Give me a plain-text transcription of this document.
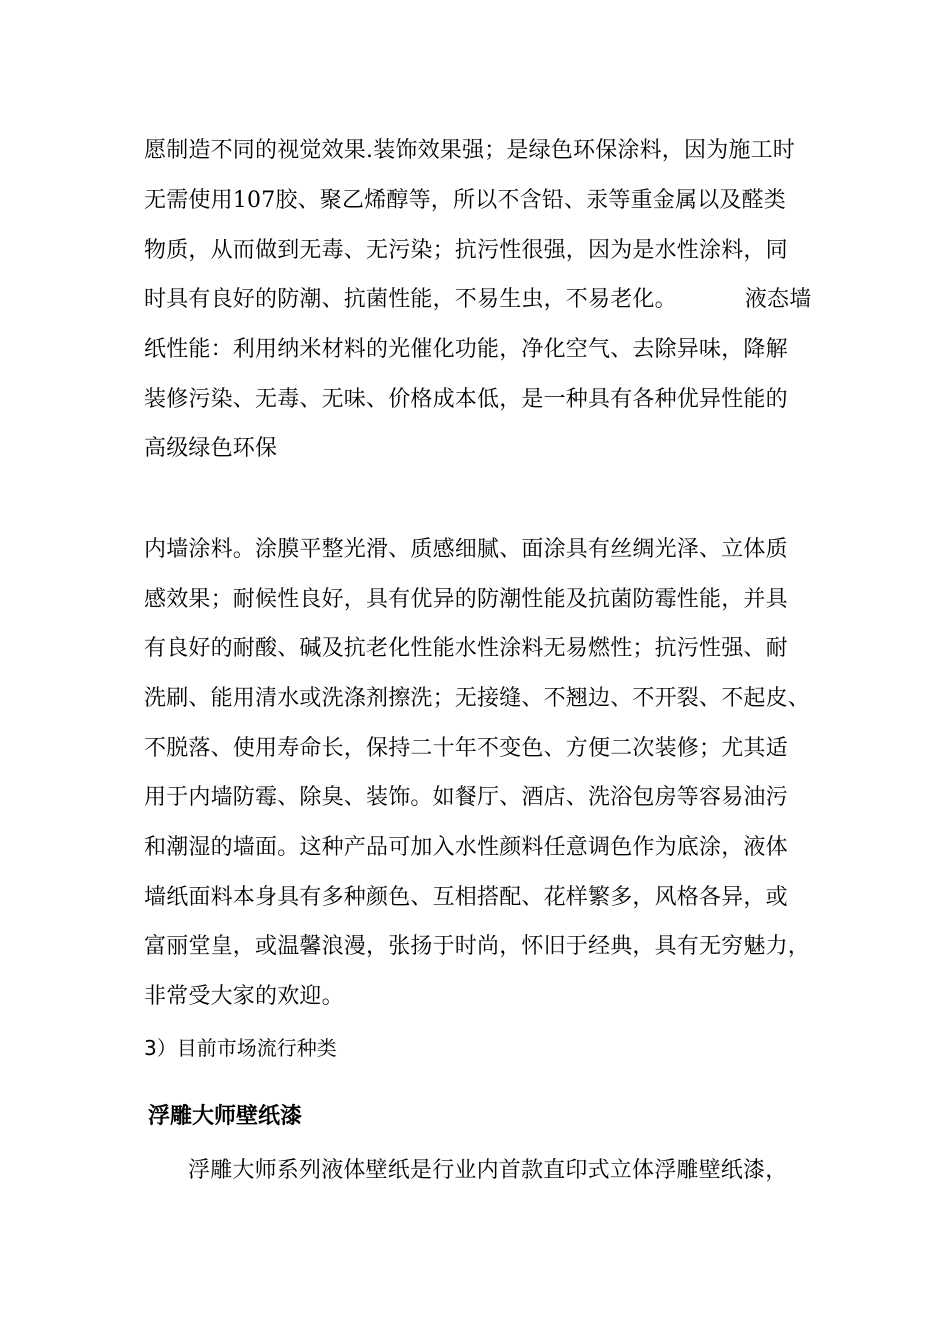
愿制造不同的视觉效果.装饰效果强；是绿色环保涂料，因为施工时
无需使用107胶、聚乙烯醇等，所以不含铅、汞等重金属以及醛类
物质，从而做到无毒、无污染；抗污性很强，因为是水性涂料，同
时具有良好的防潮、抗菌性能，不易生虫，不易老化。	液态墙
纸性能：利用纳米材料的光催化功能，净化空气、去除异味，降解
装修污染、无毒、无味、价格成本低，是一种具有各种优异性能的
高级绿色环保
内墙涂料。涂膜平整光滑、质感细腻、面涂具有丝绸光泽、立体质
感效果；耐候性良好，具有优异的防潮性能及抗菌防霉性能，并具
有良好的耐酸、碱及抗老化性能水性涂料无易燃性；抗污性强、耐
洗刷、能用清水或洗涤剂擦洗；无接缝、不翘边、不开裂、不起皮、
不脱落、使用寿命长，保持二十年不变色、方便二次装修；尤其适
用于内墙防霉、除臭、装饰。如餐厅、酒店、洗浴包房等容易油污
和潮湿的墙面。这种产品可加入水性颜料任意调色作为底涂，液体
墙纸面料本身具有多种颜色、互相搭配、花样繁多，风格各异，或
富丽堂皇，或温馨浪漫，张扬于时尚，怀旧于经典，具有无穷魅力，
非常受大家的欢迎。
3）目前市场流行种类
浮雕大师壁纸漆
浮雕大师系列液体壁纸是行业内首款直印式立体浮雕壁纸漆，
